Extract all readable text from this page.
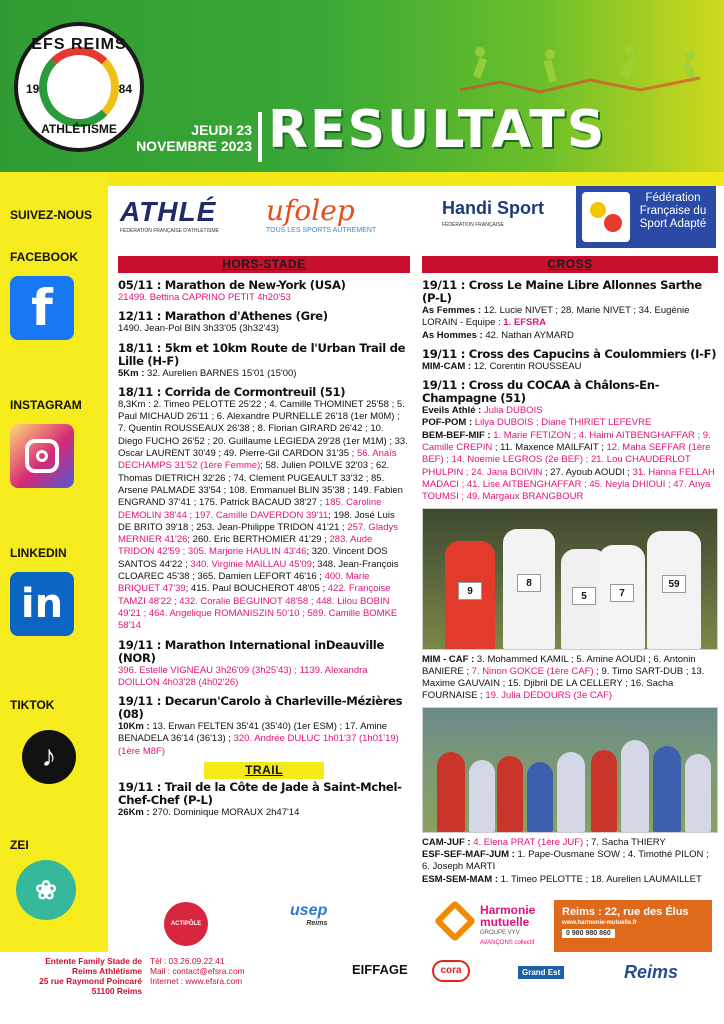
EFS REIMS
19	84
ATHLÉTISME	JEUDI 23
NOVEMBRE 2023 RESULTATS
SUIVEZ-NOUS
FACEBOOK
f
INSTAGRAM
LINKEDIN
in
TIKTOK
♪
ZEI
❀
ATHLÉ
FÉDÉRATION FRANÇAISE D'ATHLÉTISME
ufolep
TOUS LES SPORTS AUTREMENT
Handi Sport
FÉDÉRATION FRANÇAISE
Fédération Française du Sport Adapté
HORS-STADE
05/11 : Marathon de New-York (USA)
21499. Bettina CAPRINO PETIT 4h20'53
12/11 : Marathon d'Athenes (Gre)
1490. Jean-Pol BIN 3h33'05 (3h32'43)
18/11 : 5km et 10km Route de l'Urban Trail de Lille (H-F)
5Km : 32. Aurelien BARNES 15'01 (15'00)
18/11 : Corrida de Cormontreuil (51)
8,3Km : 2. Timeo PELOTTE 25'22 ; 4. Camille THOMINET 25'58 ; 5. Paul MICHAUD 26'11 ; 6. Alexandre PURNELLE 26'18 (1er M0M) ; 7. Quentin ROUSSEAUX 26'38 ; 8. Florian GIRARD 26'42 ; 10. Diego FUCHO 26'52 ; 20. Guillaume LEGIEDA 29'28 (1er M1M) ; 33. Oscar LAURENT 30'49 ; 49. Pierre-Gil CARDON 31'35 ; 56. Anaïs DECHAMPS 31'52 (1ère Femme); 58. Julien POILVE 32'03 ; 62. Thomas DIETRICH 32'26 ; 74. Clement PUGEAULT 33'32 ; 85. Arsene PALMADE 33'54 ; 108. Emmanuel BLIN 35'38 ; 149. Fabien ENGRAND 37'41 ; 175. Patrick BACAUD 38'27 ; 185. Caroline DEMOLIN 38'44 ; 197. Camille DAVERDON 39'11; 198. José Luis DE BRITO 39'18 ; 253. Jean-Philippe TRIDON 41'21 ; 257. Gladys MERNIER 41'26; 260. Eric BERTHOMIER 41'29 ; 283. Aude TRIDON 42'59 ; 305. Marjorie HAULIN 43'46; 320. Vincent DOS SANTOS 44'22 ; 340. Virginie MAILLAU 45'09; 348. Jean-François CLOAREC 45'38 ; 365. Damien LEFORT 46'16 ; 400. Marie BRIQUET 47'39; 415. Paul BOUCHEROT 48'05 ; 422. Françoise TAMZI 48'22 ; 432. Coralie BEGUINOT 48'58 ; 448. Lilou BOBIN 49'21 ; 464. Angelique ROMANISZIN 50'10 ; 589. Camille BOMKE 58'14
19/11 : Marathon International inDeauville (NOR)
396. Estelle VIGNEAU 3h26'09 (3h25'43) ; 1139. Alexandra DOILLON 4h03'28 (4h02'26)
19/11 : Decarun'Carolo à Charleville-Mézières (08)
10Km : 13. Erwan FELTEN 35'41 (35'40) (1er ESM) ; 17. Amine BENADELA 36'14 (36'13) ; 320. Andrée DULUC 1h01'37 (1h01'19) (1ère M8F)
TRAIL
19/11 : Trail de la Côte de Jade à Saint-Mchel-Chef-Chef (P-L)
26Km : 270. Dominique MORAUX 2h47'14
CROSS
19/11 : Cross Le Maine Libre Allonnes Sarthe (P-L)
As Femmes : 12. Lucie NIVET ; 28. Marie NIVET ; 34. Eugénie LORAIN - Equipe : 1. EFSRA
As Hommes : 42. Nathan AYMARD
19/11 : Cross des Capucins à Coulommiers (I-F)
MIM-CAM : 12. Corentin ROUSSEAU
19/11 : Cross du COCAA à Châlons-En-Champagne (51)
Eveils Athlé : Julia DUBOIS
POF-POM : Lilya DUBOIS ; Diane THIRIET LEFEVRE
BEM-BEF-MIF : 1. Marie FETIZON ; 4. Haimi AITBENGHAFFAR ; 9. Camille CREPIN ; 11. Maxence MAILFAIT ; 12. Maha SEFFAR (1ère BEF) ; 14. Noemie LEGROS (2e BEF) ; 21. Lou CHAUDERLOT PHULPIN ; 24. Jana BOIVIN ; 27. Ayoub AOUDI ; 31. Hanna FELLAH MADACI ; 41. Lise AITBENGHAFFAR ; 45. Neyla DHIOUI ; 47. Anya TOUMSI ; 49. Margaux BRANGBOUR
9
8
5	7
59
MIM - CAF : 3. Mohammed KAMIL ; 5. Amine AOUDI ; 6. Antonin BANIERE ; 7. Ninon GOKCE (1ère CAF) ; 9. Timo SART-DUB ; 13. Maxime GAUVAIN ; 15. Djibril DE LA CELLERY ; 16. Sacha FOURNAISE ; 19. Julia DEDOURS (3e CAF)
CAM-JUF : 4. Elena PRAT (1ère JUF) ; 7. Sacha THIERY
ESF-SEF-MAF-JUM : 1. Pape-Ousmane SOW ; 4. Timothé PILON ; 6. Joseph MARTI
ESM-SEM-MAM : 1. Timeo PELOTTE ; 18. Aurelien LAUMAILLET
ACTIPÔLE
usep
Reims
Harmonie mutuelle
GROUPE VYV
AVANÇONS collectif
Reims : 22, rue des Élus
www.harmonie-mutuelle.fr
0 980 980 860
Entente Family Stade de
Reims Athlétisme
25 rue Raymond Poincaré
51100 Reims
Tél : 03.26.09.22.41
Mail : contact@efsra.com
Internet : www.efsra.com
EIFFAGE	cora	Grand Est	Reims
